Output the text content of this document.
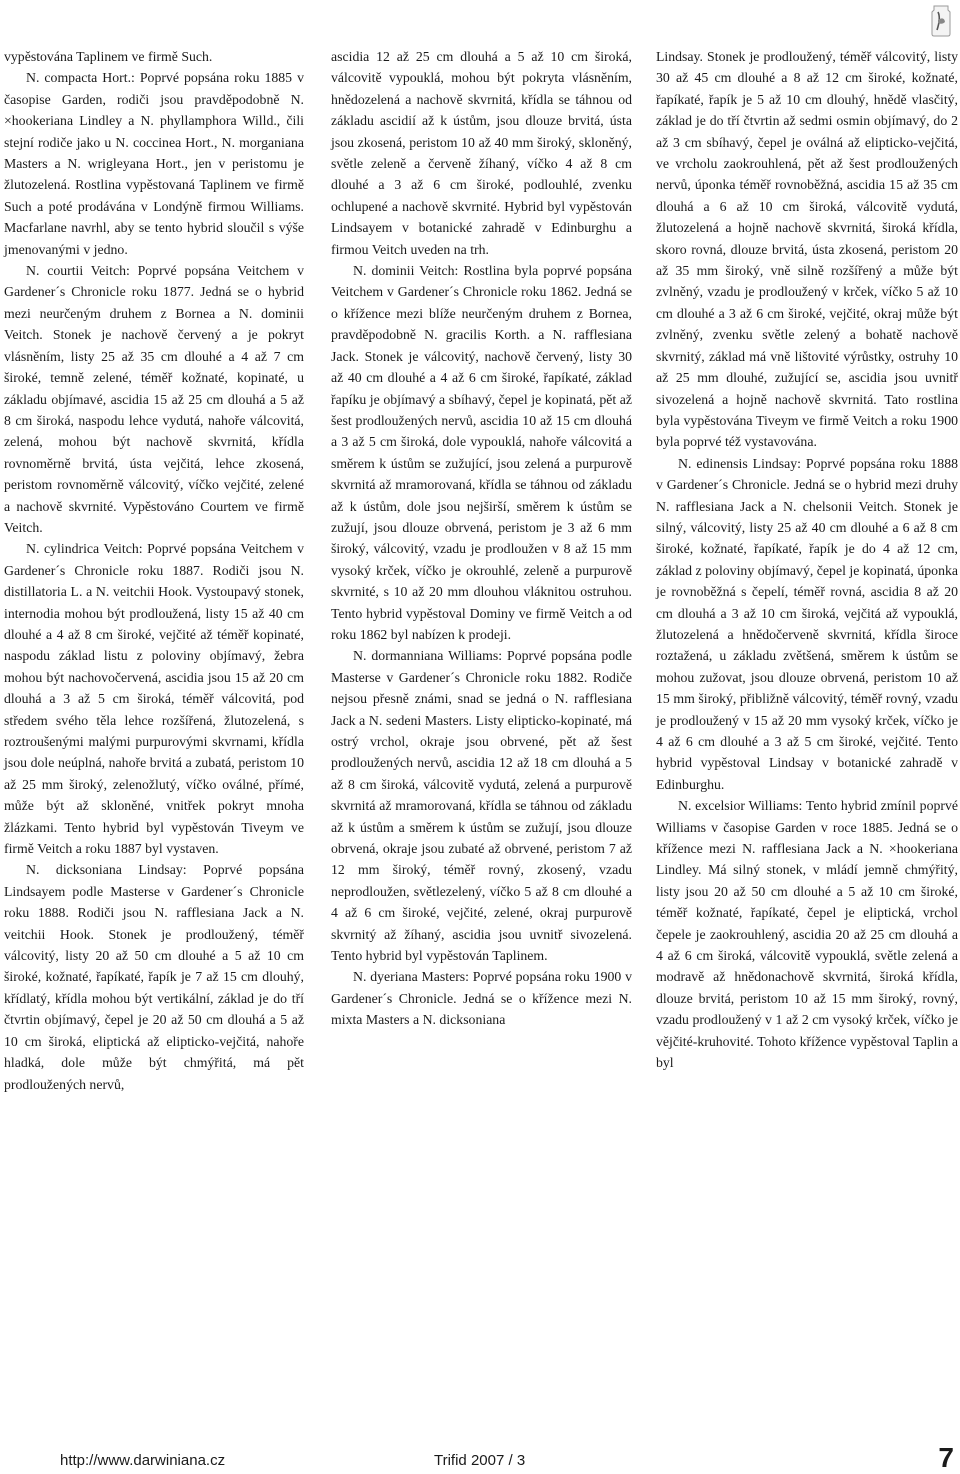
vypěstována Taplinem ve firmě Such.

N. compacta Hort.: Poprvé popsána roku 1885 v časopise Garden, rodiči jsou pravděpodobně N. ×hookeriana Lindley a N. phyllamphora Willd., čili stejní rodiče jako u N. coccinea Hort., N. morganiana Masters a N. wrigleyana Hort., jen v peristomu je žlutozelená. Rostlina vypěstovaná Taplinem ve firmě Such a poté prodávána v Londýně firmou Williams. Macfarlane navrhl, aby se tento hybrid sloučil s výše jmenovanými v jedno.

N. courtii Veitch: Poprvé popsána Veitchem v Gardener´s Chronicle roku 1877. Jedná se o hybrid mezi neurčeným druhem z Bornea a N. dominii Veitch. Stonek je nachově červený a je pokryt vlásněním, listy 25 až 35 cm dlouhé a 4 až 7 cm široké, temně zelené, téměř kožnaté, kopinaté, u základu objímavé, ascidia 15 až 25 cm dlouhá a 5 až 8 cm široká, naspodu lehce vydutá, nahoře válcovitá, zelená, mohou být nachově skvrnitá, křídla rovnoměrně brvitá, ústa vejčitá, lehce zkosená, peristom rovnoměrně válcovitý, víčko vejčité, zelené a nachově skvrnité. Vypěstováno Courtem ve firmě Veitch.

N. cylindrica Veitch: Poprvé popsána Veitchem v Gardener´s Chronicle roku 1887. Rodiči jsou N. distillatoria L. a N. veitchii Hook. Vystoupavý stonek, internodia mohou být prodloužená, listy 15 až 40 cm dlouhé a 4 až 8 cm široké, vejčité až téměř kopinaté, naspodu základ listu z poloviny objímavý, žebra mohou být nachovočervená, ascidia jsou 15 až 20 cm dlouhá a 3 až 5 cm široká, téměř válcovitá, pod středem svého těla lehce rozšířená, žlutozelená, s roztroušenými malými purpurovými skvrnami, křídla jsou dole neúplná, nahoře brvitá a zubatá, peristom 10 až 25 mm široký, zelenožlutý, víčko oválné, přímé, může být až skloněné, vnitřek pokryt mnoha žlázkami. Tento hybrid byl vypěstován Tiveym ve firmě Veitch a roku 1887 byl vystaven.

N. dicksoniana Lindsay: Poprvé popsána Lindsayem podle Masterse v Gardener´s Chronicle roku 1888. Rodiči jsou N. rafflesiana Jack a N. veitchii Hook. Stonek je prodloužený, téměř válcovitý, listy 20 až 50 cm dlouhé a 5 až 10 cm široké, kožnaté, řapíkaté, řapík je 7 až 15 cm dlouhý, křídlatý, křídla mohou být vertikální, základ je do tří čtvrtin objímavý, čepel je 20 až 50 cm dlouhá a 5 až 10 cm široká, eliptická až elipticko-vejčitá, nahoře hladká, dole může být chmýřitá, má pět prodloužených nervů,

ascidia 12 až 25 cm dlouhá a 5 až 10 cm široká, válcovitě vypouklá, mohou být pokryta vlásněním, hnědozelená a nachově skvrnitá, křídla se táhnou od základu ascidií až k ústům, jsou dlouze brvitá, ústa jsou zkosená, peristom 10 až 40 mm široký, skloněný, světle zeleně a červeně žíhaný, víčko 4 až 8 cm dlouhé a 3 až 6 cm široké, podlouhlé, zvenku ochlupené a nachově skvrnité. Hybrid byl vypěstován Lindsayem v botanické zahradě v Edinburghu a firmou Veitch uveden na trh.

N. dominii Veitch: Rostlina byla poprvé popsána Veitchem v Gardener´s Chronicle roku 1862. Jedná se o křížence mezi blíže neurčeným druhem z Bornea, pravděpodobně N. gracilis Korth. a N. rafflesiana Jack. Stonek je válcovitý, nachově červený, listy 30 až 40 cm dlouhé a 4 až 6 cm široké, řapíkaté, základ řapíku je objímavý a sbíhavý, čepel je kopinatá, pět až šest prodloužených nervů, ascidia 10 až 15 cm dlouhá a 3 až 5 cm široká, dole vypouklá, nahoře válcovitá a směrem k ústům se zužující, jsou zelená a purpurově skvrnitá až mramorovaná, křídla se táhnou od základu až k ústům, dole jsou nejširší, směrem k ústům se zužují, jsou dlouze obrvená, peristom je 3 až 6 mm široký, válcovitý, vzadu je prodloužen v 8 až 15 mm vysoký krček, víčko je okrouhlé, zeleně a purpurově skvrnité, s 10 až 20 mm dlouhou vláknitou ostruhou. Tento hybrid vypěstoval Dominy ve firmě Veitch a od roku 1862 byl nabízen k prodeji.

N. dormanniana Williams: Poprvé popsána podle Masterse v Gardener´s Chronicle roku 1882. Rodiče nejsou přesně známi, snad se jedná o N. rafflesiana Jack a N. sedeni Masters. Listy elipticko-kopinaté, má ostrý vrchol, okraje jsou obrvené, pět až šest prodloužených nervů, ascidia 12 až 18 cm dlouhá a 5 až 8 cm široká, válcovitě vydutá, zelená a purpurově skvrnitá až mramorovaná, křídla se táhnou od základu až k ústům a směrem k ústům se zužují, jsou dlouze obrvená, okraje jsou zubaté až obrvené, peristom 7 až 12 mm široký, téměř rovný, zkosený, vzadu neprodloužen, světlezelený, víčko 5 až 8 cm dlouhé a 4 až 6 cm široké, vejčité, zelené, okraj purpurově skvrnitý až žíhaný, ascidia jsou uvnitř sivozelená. Tento hybrid byl vypěstován Taplinem.

N. dyeriana Masters: Poprvé popsána roku 1900 v Gardener´s Chronicle. Jedná se o křížence mezi N. mixta Masters a N. dicksoniana

Lindsay. Stonek je prodloužený, téměř válcovitý, listy 30 až 45 cm dlouhé a 8 až 12 cm široké, kožnaté, řapíkaté, řapík je 5 až 10 cm dlouhý, hnědě vlasčitý, základ je do tří čtvrtin až sedmi osmin objímavý, do 2 až 3 cm sbíhavý, čepel je oválná až elipticko-vejčitá, ve vrcholu zaokrouhlená, pět až šest prodloužených nervů, úponka téměř rovnoběžná, ascidia 15 až 35 cm dlouhá a 6 až 10 cm široká, válcovitě vydutá, žlutozelená a hojně nachově skvrnitá, široká křídla, skoro rovná, dlouze brvitá, ústa zkosená, peristom 20 až 35 mm široký, vně silně rozšířený a může být zvlněný, vzadu je prodloužený v krček, víčko 5 až 10 cm dlouhé a 3 až 6 cm široké, vejčité, okraj může být zvlněný, zvenku světle zelený a bohatě nachově skvrnitý, základ má vně lištovité výrůstky, ostruhy 10 až 25 mm dlouhé, zužující se, ascidia jsou uvnitř sivozelená a hojně nachově skvrnitá. Tato rostlina byla vypěstována Tiveym ve firmě Veitch a roku 1900 byla poprvé též vystavována.

N. edinensis Lindsay: Poprvé popsána roku 1888 v Gardener´s Chronicle. Jedná se o hybrid mezi druhy N. rafflesiana Jack a N. chelsonii Veitch. Stonek je silný, válcovitý, listy 25 až 40 cm dlouhé a 6 až 8 cm široké, kožnaté, řapíkaté, řapík je do 4 až 12 cm, základ z poloviny objímavý, čepel je kopinatá, úponka je rovnoběžná s čepelí, téměř rovná, ascidia 8 až 20 cm dlouhá a 3 až 10 cm široká, vejčitá až vypouklá, žlutozelená a hnědočerveně skvrnitá, křídla široce roztažená, u základu zvětšená, směrem k ústům se mohou zužovat, jsou dlouze obrvená, peristom 10 až 15 mm široký, přibližně válcovitý, téměř rovný, vzadu je prodloužený v 15 až 20 mm vysoký krček, víčko je 4 až 6 cm dlouhé a 3 až 5 cm široké, vejčité. Tento hybrid vypěstoval Lindsay v botanické zahradě v Edinburghu.

N. excelsior Williams: Tento hybrid zmínil poprvé Williams v časopise Garden v roce 1885. Jedná se o křížence mezi N. rafflesiana Jack a N. ×hookeriana Lindley. Má silný stonek, v mládí jemně chmýřitý, listy jsou 20 až 50 cm dlouhé a 5 až 10 cm široké, téměř kožnaté, řapíkaté, čepel je eliptická, vrchol čepele je zaokrouhlený, ascidia 20 až 25 cm dlouhá a 4 až 6 cm široká, válcovitě vypouklá, světle zelená a modravě až hnědonachově skvrnitá, široká křídla, dlouze brvitá, peristom 10 až 15 mm široký, rovný, vzadu prodloužený v 1 až 2 cm vysoký krček, víčko je vějčité-kruhovité. Tohoto křížence vypěstoval Taplin a byl

http://www.darwiniana.cz	Trifid 2007 / 3	7
